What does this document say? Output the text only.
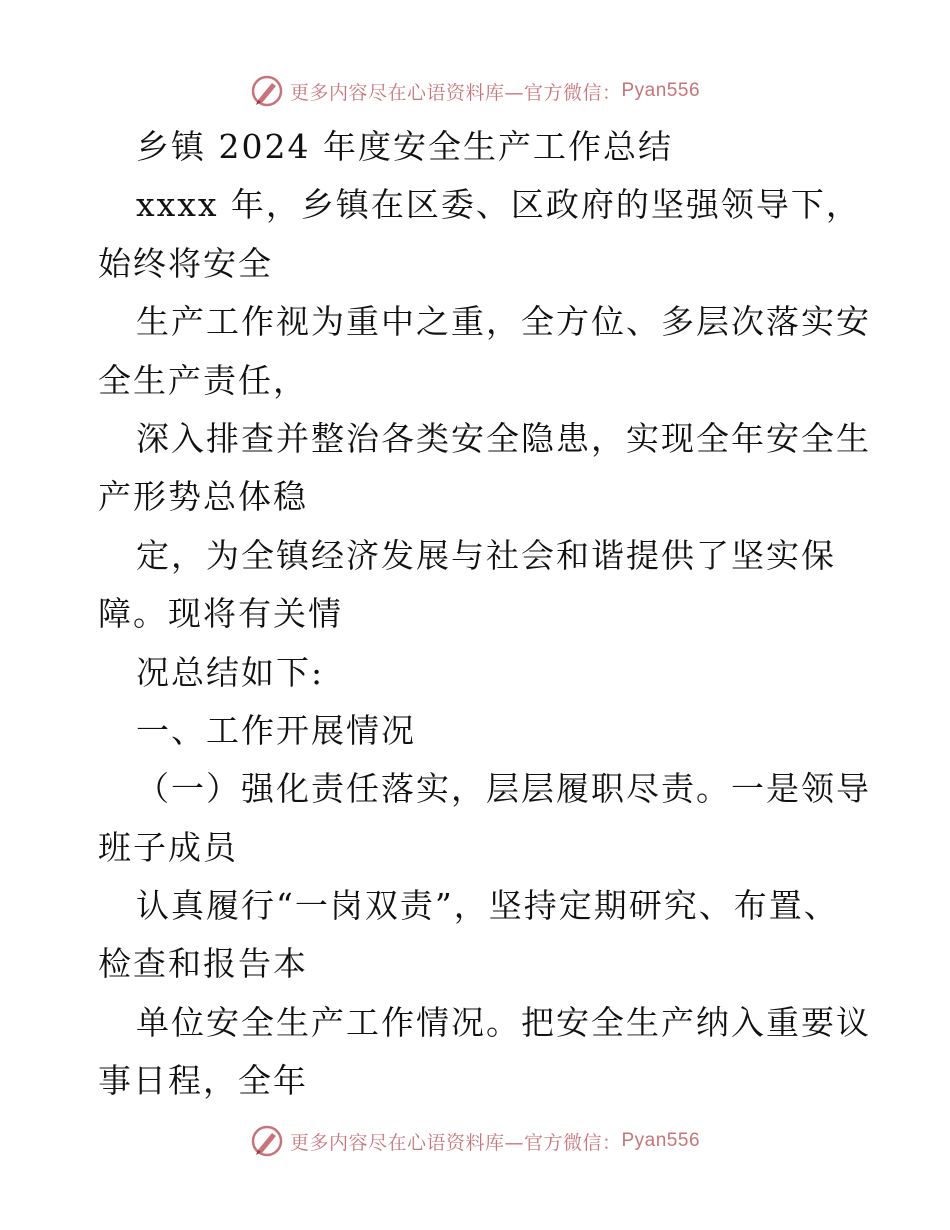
更多内容尽在心语资料库—官方微信： Pyan556
乡镇 2024 年度安全生产工作总结
xxxx 年，乡镇在区委、区政府的坚强领导下，
始终将安全
生产工作视为重中之重，全方位、多层次落实安
全生产责任，
深入排查并整治各类安全隐患，实现全年安全生
产形势总体稳
定，为全镇经济发展与社会和谐提供了坚实保
障。现将有关情
况总结如下:
一、工作开展情况
（一）强化责任落实，层层履职尽责。一是领导
班子成员
认真履行“一岗双责”，坚持定期研究、布置、
检查和报告本
单位安全生产工作情况。把安全生产纳入重要议
事日程，全年
更多内容尽在心语资料库—官方微信： Pyan556
